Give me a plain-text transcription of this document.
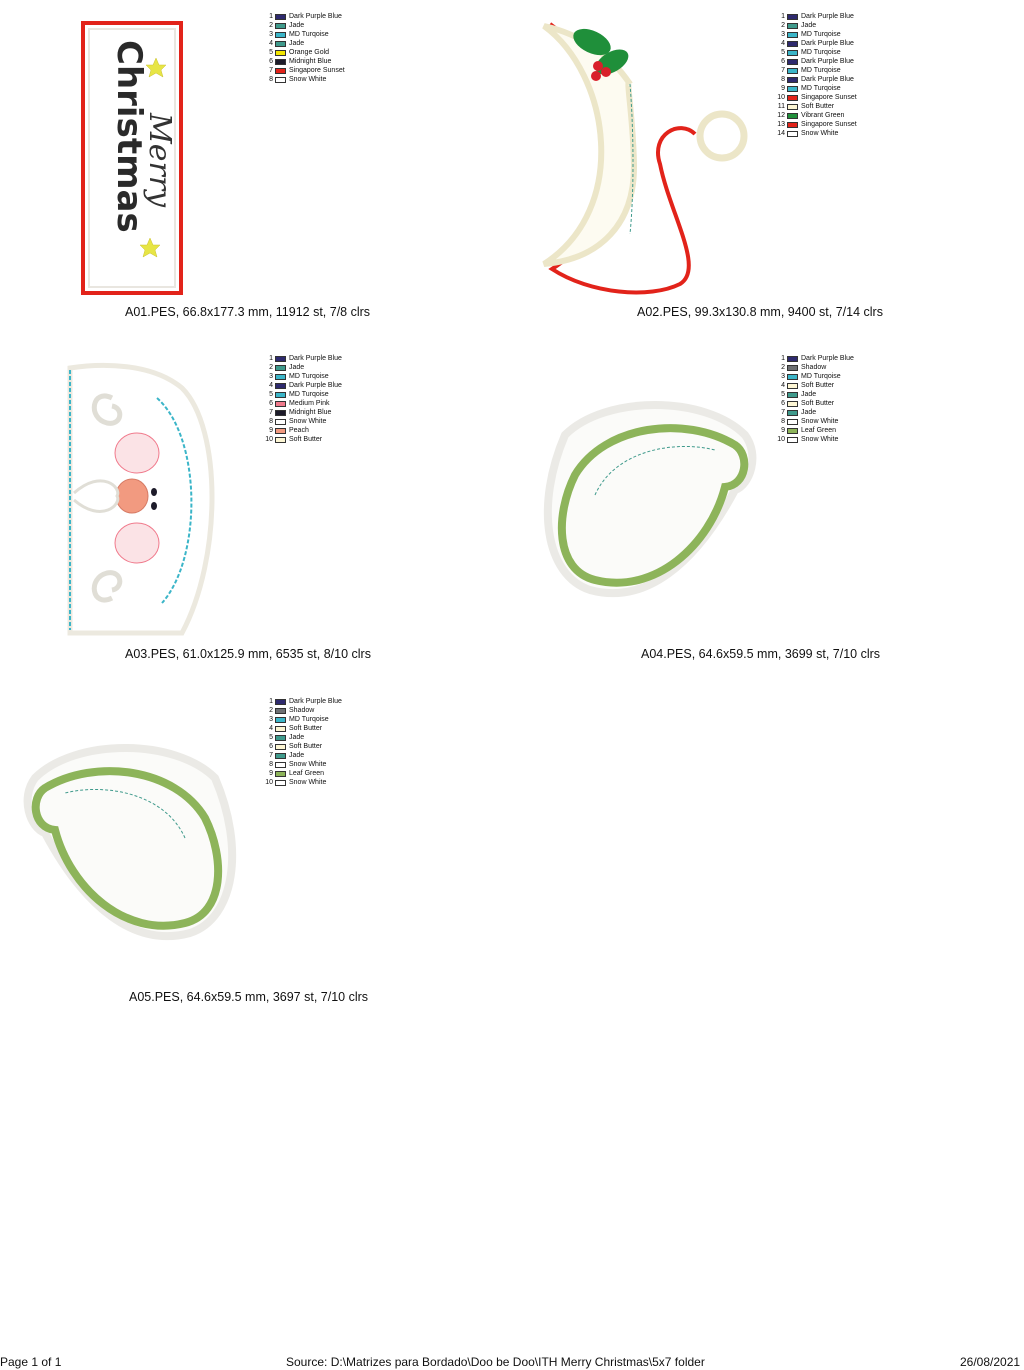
Merry
Christmas
1 Dark Purple Blue
2 Jade
3 MD Turqoise
4 Jade
5 Orange Gold
6 Midnight Blue
7 Singapore Sunset
8 Snow White
A01.PES, 66.8x177.3 mm, 11912 st, 7/8 clrs
1 Dark Purple Blue
2 Jade
3 MD Turqoise
4 Dark Purple Blue
5 MD Turqoise
6 Dark Purple Blue
7 MD Turqoise
8 Dark Purple Blue
9 MD Turqoise
10 Singapore Sunset
11 Soft Butter
12 Vibrant Green
13 Singapore Sunset
14 Snow White
A02.PES, 99.3x130.8 mm, 9400 st, 7/14 clrs
1 Dark Purple Blue
2 Jade
3 MD Turqoise
4 Dark Purple Blue
5 MD Turqoise
6 Medium Pink
7 Midnight Blue
8 Snow White
9 Peach
10 Soft Butter
A03.PES, 61.0x125.9 mm, 6535 st, 8/10 clrs
1 Dark Purple Blue
2 Shadow
3 MD Turqoise
4 Soft Butter
5 Jade
6 Soft Butter
7 Jade
8 Snow White
9 Leaf Green
10 Snow White
A04.PES, 64.6x59.5 mm, 3699 st, 7/10 clrs
1 Dark Purple Blue
2 Shadow
3 MD Turqoise
4 Soft Butter
5 Jade
6 Soft Butter
7 Jade
8 Snow White
9 Leaf Green
10 Snow White
A05.PES, 64.6x59.5 mm, 3697 st, 7/10 clrs
Page 1 of 1	Source: D:\Matrizes para Bordado\Doo be Doo\ITH Merry Christmas\5x7 folder	26/08/2021
